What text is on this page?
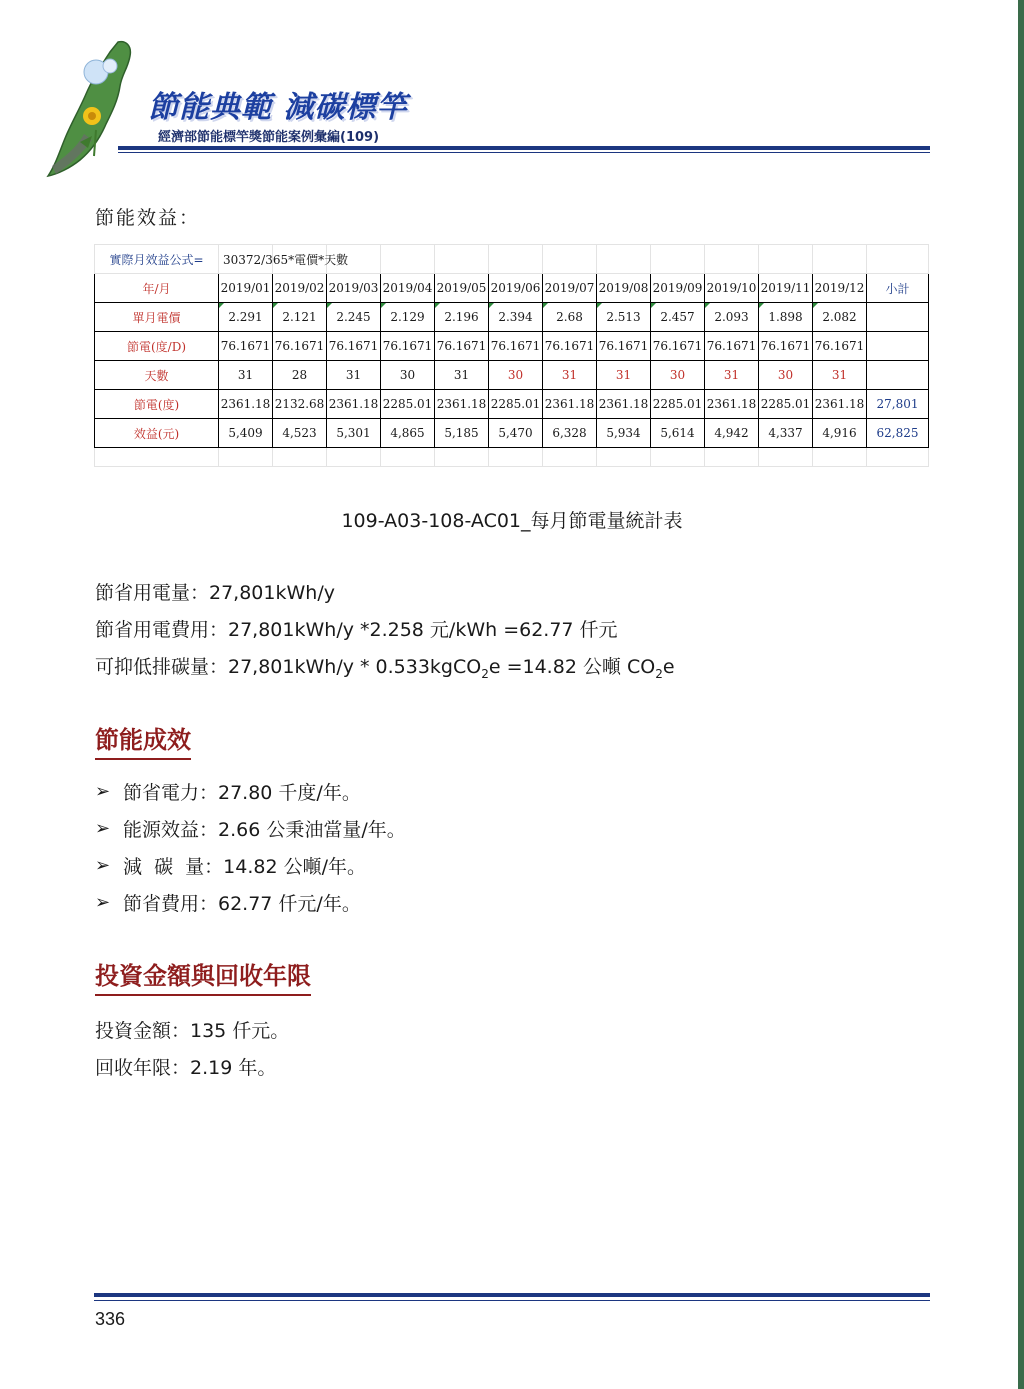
節能典範 減碳標竿
經濟部節能標竿獎節能案例彙編(109)
節能效益：
實際月效益公式=	30372/365*電價*天數												
年/月	2019/01	2019/02	2019/03	2019/04	2019/05	2019/06	2019/07	2019/08	2019/09	2019/10	2019/11	2019/12	小計
單月電價	2.291	2.121	2.245	2.129	2.196	2.394	2.68	2.513	2.457	2.093	1.898	2.082	
節電(度/D)	76.1671	76.1671	76.1671	76.1671	76.1671	76.1671	76.1671	76.1671	76.1671	76.1671	76.1671	76.1671	
天數	31	28	31	30	31	30	31	31	30	31	30	31	
節電(度)	2361.18	2132.68	2361.18	2285.01	2361.18	2285.01	2361.18	2361.18	2285.01	2361.18	2285.01	2361.18	27,801
效益(元)	5,409	4,523	5,301	4,865	5,185	5,470	6,328	5,934	5,614	4,942	4,337	4,916	62,825

109-A03-108-AC01_每月節電量統計表
節省用電量：27,801kWh/y
節省用電費用：27,801kWh/y *2.258 元/kWh =62.77 仟元
可抑低排碳量：27,801kWh/y * 0.533kgCO$_2$e =14.82 公噸 $CO_2e$
節能成效
➢ 節省電力：27.80 千度/年。
➢ 能源效益：2.66 公秉油當量/年。
➢ 減  碳  量：14.82 公噸/年。
➢ 節省費用：62.77 仟元/年。
投資金額與回收年限
投資金額：135 仟元。
回收年限：2.19 年。
336
